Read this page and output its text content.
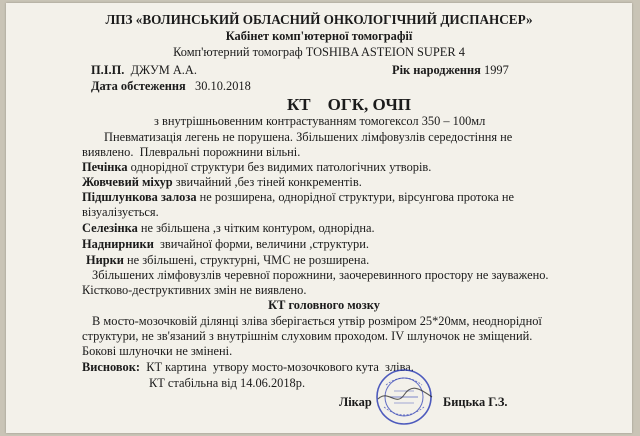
ЛПЗ «ВОЛИНСЬКИЙ ОБЛАСНИЙ ОНКОЛОГІЧНИЙ ДИСПАНСЕР»
Кабінет комп'ютерної томографії
Комп'ютерний томограф TOSHIBA ASTEION SUPER 4
П.І.П. ДЖУМ А.А.	Рік народження 1997
Дата обстеження 30.10.2018
КТ    ОГК, ОЧП
з внутрішньовенним контрастуванням томогексол 350 – 100мл
Пневматизація легень не порушена. Збільшених лімфовузлів середостіння не
виявлено.  Плевральні порожнини вільні.
Печінка однорідної структури без видимих патологічних утворів.
Жовчевий міхур звичайний ,без тіней конкрементів.
Підшлункова залоза не розширена, однорідної структури, вірсунгова протока не
візуалізується.
Селезінка не збільшена ,з чітким контуром, однорідна.
Наднирники  звичайної форми, величини ,структури.
Нирки не збільшені, структурні, ЧМС не розширена.
Збільшених лімфовузлів черевної порожнини, заочеревинного простору не зауважено.
Кістково-деструктивних змін не виявлено.
КТ головного мозку
В мосто-мозочковій ділянці зліва зберігається утвір розміром 25*20мм, неоднорідної
структури, не зв'язаний з внутрішнім слуховим проходом. IV шлуночок не зміщений.
Бокові шлуночки не змінені.
Висновок:  КТ картина  утвору мосто-мозочкового кута  зліва.
КТ стабільна від 14.06.2018р.
Лікар	Бицька Г.З.
